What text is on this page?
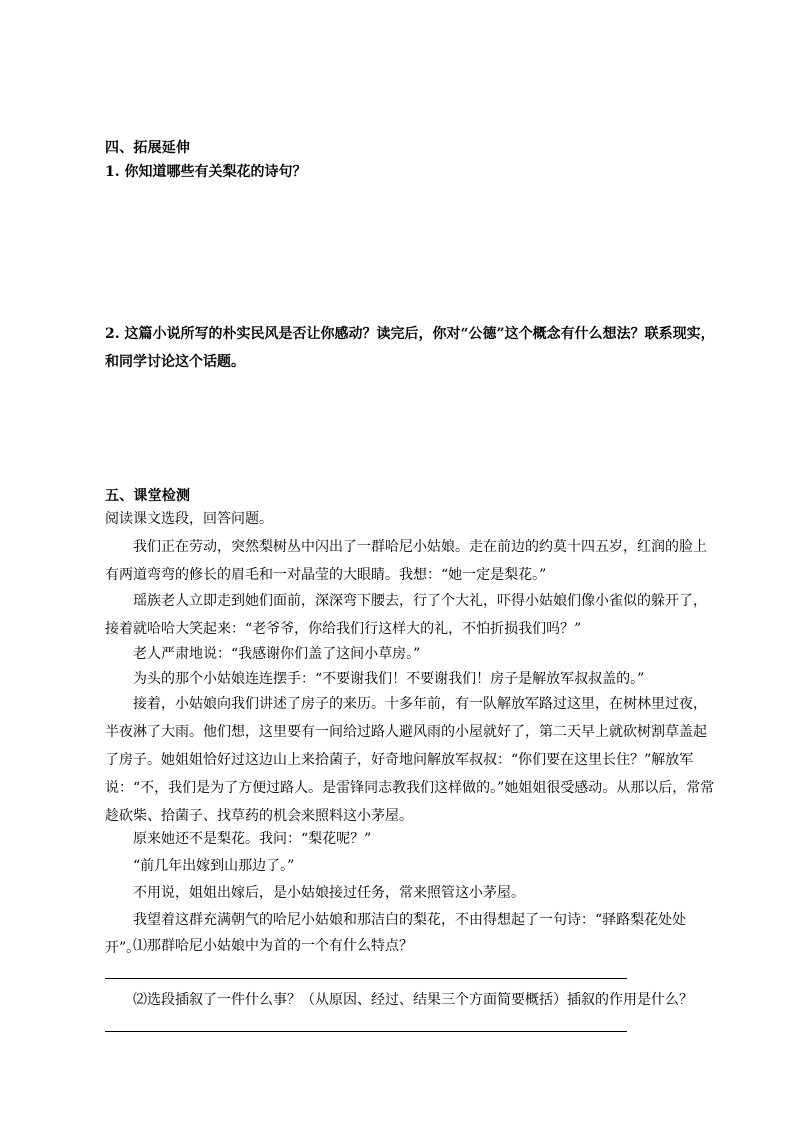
四、拓展延伸
1. 你知道哪些有关梨花的诗句？
2. 这篇小说所写的朴实民风是否让你感动？读完后，你对“公德”这个概念有什么想法？联系现实，和同学讨论这个话题。
五、课堂检测
阅读课文选段，回答问题。
我们正在劳动，突然梨树丛中闪出了一群哈尼小姑娘。走在前边的约莫十四五岁，红润的脸上有两道弯弯的修长的眉毛和一对晶莹的大眼睛。我想：“她一定是梨花。”
瑶族老人立即走到她们面前，深深弯下腰去，行了个大礼，吓得小姑娘们像小雀似的躲开了，接着就哈哈大笑起来：“老爷爷，你给我们行这样大的礼，不怕折损我们吗？”
老人严肃地说：“我感谢你们盖了这间小草房。”
为头的那个小姑娘连连摆手：“不要谢我们！不要谢我们！房子是解放军叔叔盖的。”
接着，小姑娘向我们讲述了房子的来历。十多年前，有一队解放军路过这里，在树林里过夜，半夜淋了大雨。他们想，这里要有一间给过路人避风雨的小屋就好了，第二天早上就砍树割草盖起了房子。她姐姐恰好过这边山上来拾菌子，好奇地问解放军叔叔：“你们要在这里长住？”解放军说：“不，我们是为了方便过路人。是雷锋同志教我们这样做的。”她姐姐很受感动。从那以后，常常趁砍柴、拾菌子、找草药的机会来照料这小茅屋。
原来她还不是梨花。我问：“梨花呢？”
“前几年出嫁到山那边了。”
不用说，姐姐出嫁后，是小姑娘接过任务，常来照管这小茅屋。
我望着这群充满朝气的哈尼小姑娘和那洁白的梨花，不由得想起了一句诗：“驿路梨花处处开”。
⑴那群哈尼小姑娘中为首的一个有什么特点？
⑵选段插叙了一件什么事？（从原因、经过、结果三个方面简要概括）插叙的作用是什么？
